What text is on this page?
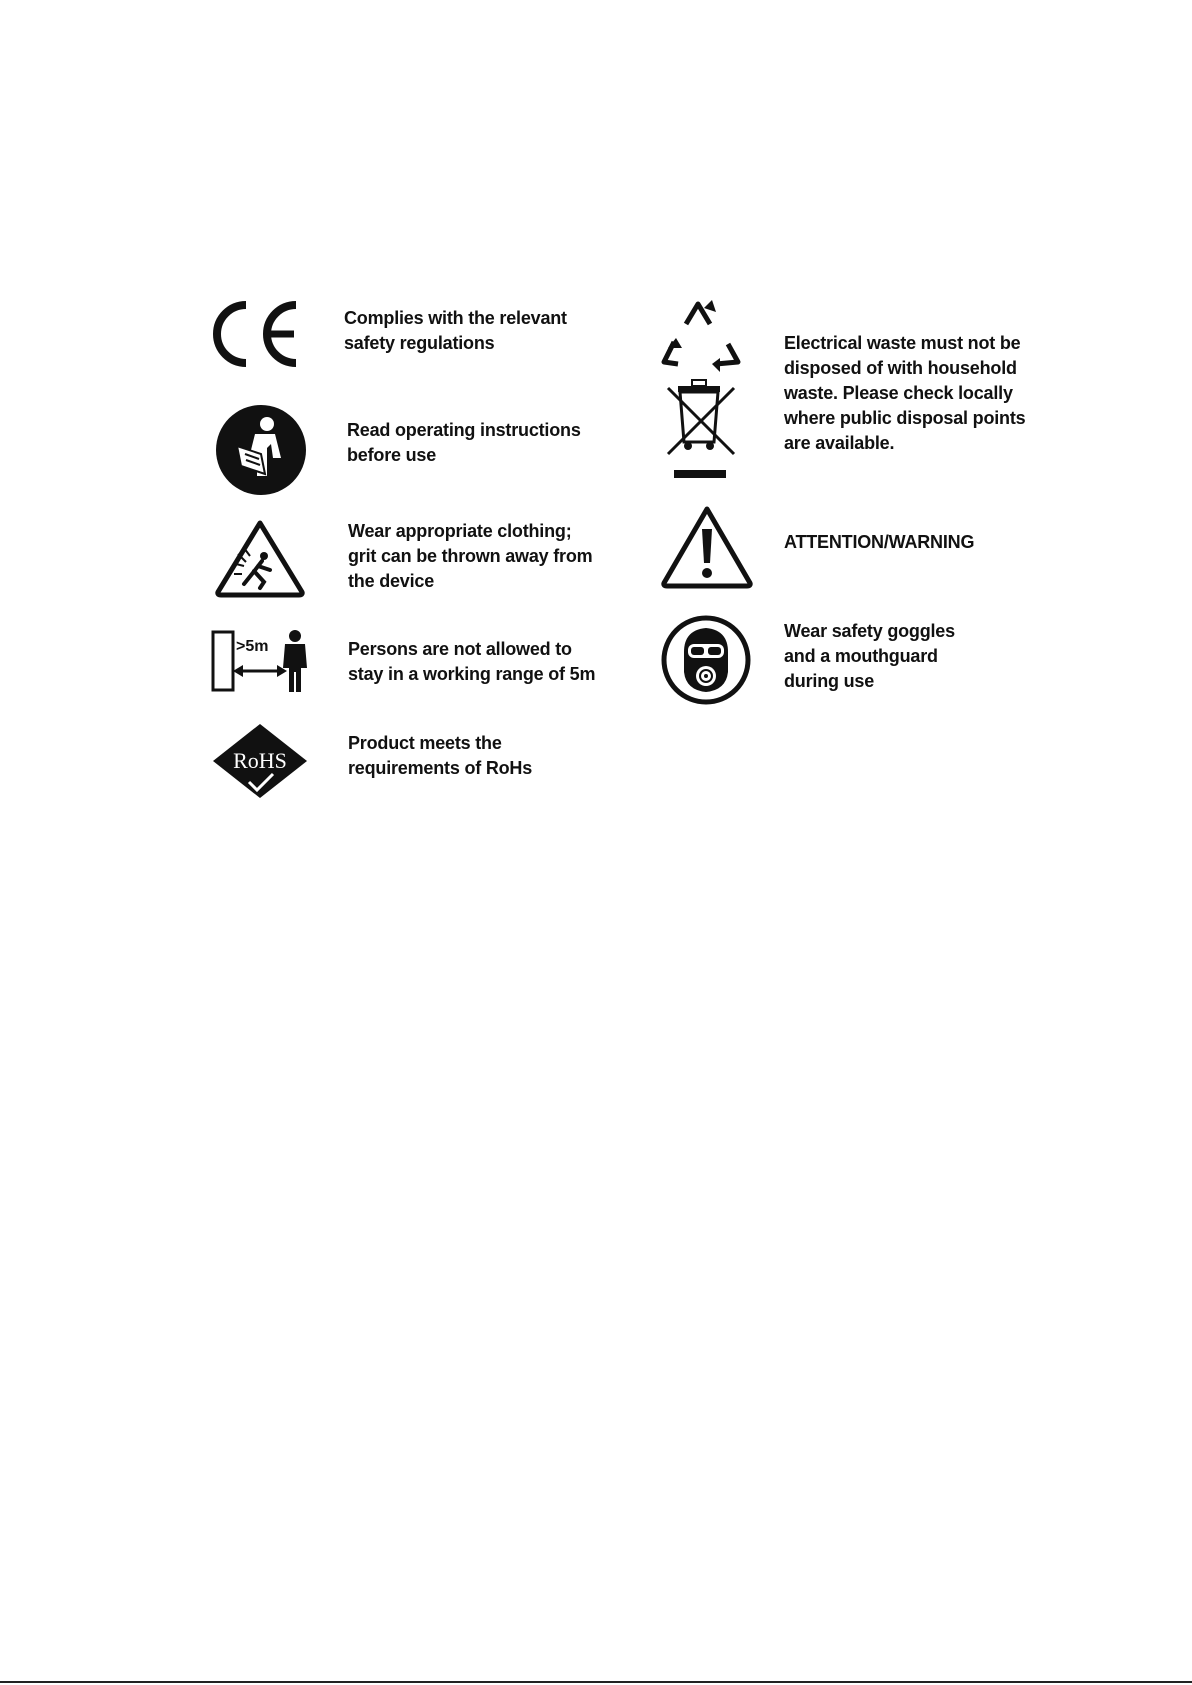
Complies with the relevant
safety regulations
Read operating instructions
before use
Wear appropriate clothing;
grit can be thrown away from
the device
>5m	Persons are not allowed to
stay in a working range of 5m
RoHS
Product meets the
requirements of RoHs
Electrical waste must not be
disposed of with household
waste. Please check locally
where public disposal points
are available.
ATTENTION/WARNING
Wear safety goggles
and a mouthguard
during use
